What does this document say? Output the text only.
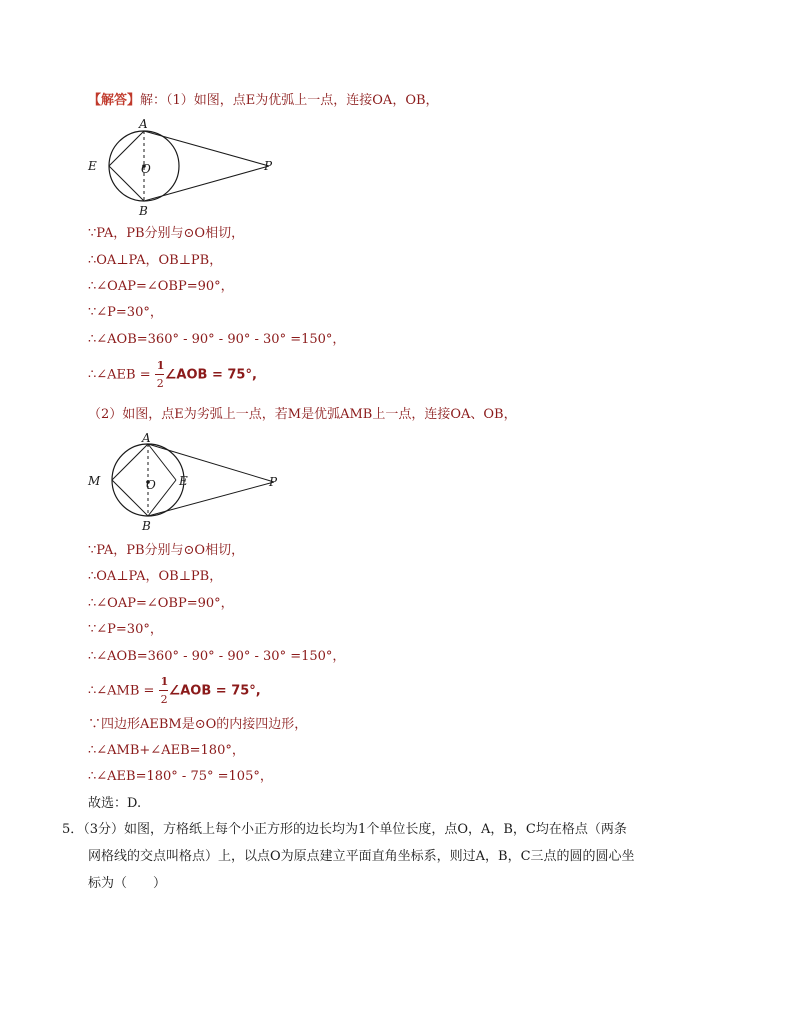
【解答】解：（1）如图，点E为优弧上一点，连接OA，OB，
A
B
E	O	P
∵PA，PB分别与⊙O相切，
∴OA⊥PA，OB⊥PB，
∴∠OAP=∠OBP=90°，
∵∠P=30°，
∴∠AOB=360° - 90° - 90° - 30° =150°，
∴∠AEB = $\frac{1}{2}$ ∠AOB = 75°,
（2）如图，点E为劣弧上一点，若M是优弧AMB上一点，连接OA、OB，
A
B
M	E
O	P
∵PA，PB分别与⊙O相切，
∴OA⊥PA，OB⊥PB，
∴∠OAP=∠OBP=90°，
∵∠P=30°，
∴∠AOB=360° - 90° - 90° - 30° =150°，
∴∠AMB = $\frac{1}{2}$ ∠AOB = 75°,
∵四边形AEBM是⊙O的内接四边形，
∴∠AMB+∠AEB=180°，
∴∠AEB=180° - 75° =105°，
故选：D.
5．（3分）如图，方格纸上每个小正方形的边长均为1个单位长度，点O，A，B，C均在格点（两条
网格线的交点叫格点）上，以点O为原点建立平面直角坐标系，则过A，B，C三点的圆的圆心坐
标为（　　）
